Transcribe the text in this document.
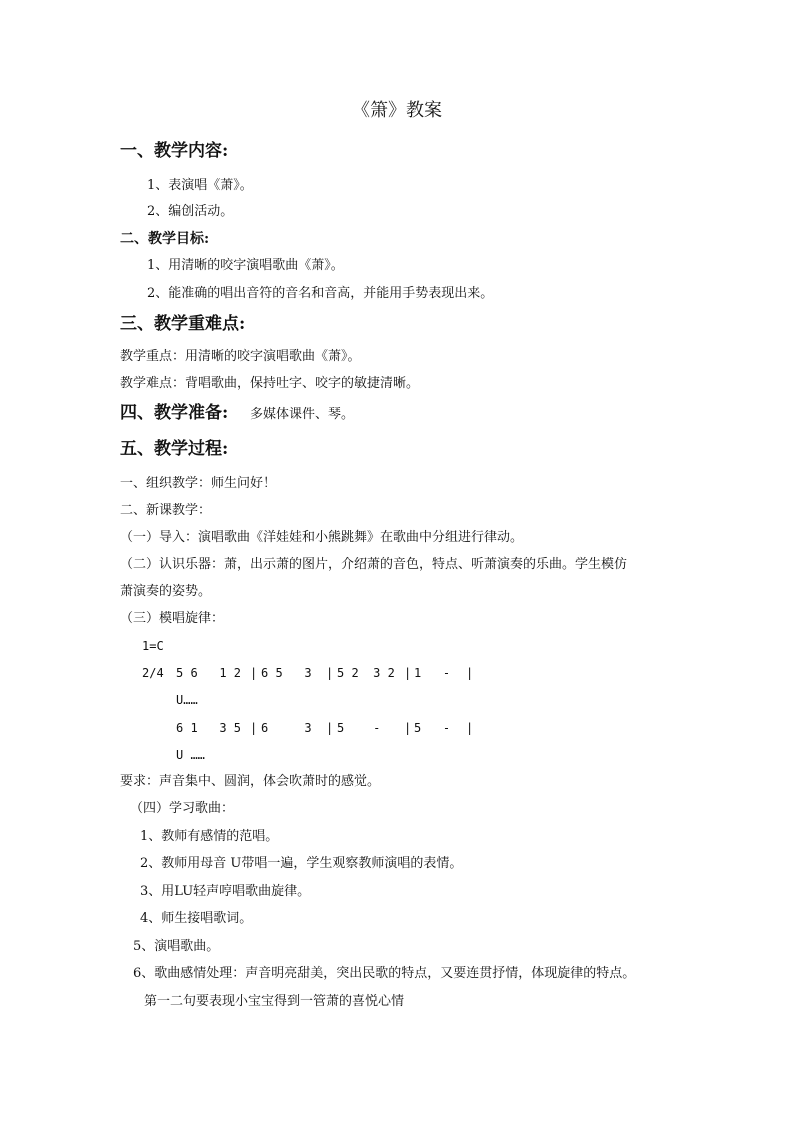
《箫》教案
一、教学内容:
1、表演唱《萧》。
2、编创活动。
二、教学目标:
1、用清晰的咬字演唱歌曲《萧》。
2、能准确的唱出音符的音名和音高，并能用手势表现出来。
三、教学重难点:
教学重点：用清晰的咬字演唱歌曲《萧》。
教学难点：背唱歌曲，保持吐字、咬字的敏捷清晰。
四、教学准备: 多媒体课件、琴。
五、教学过程:
一、组织教学：师生问好！
二、新课教学：
（一）导入：演唱歌曲《洋娃娃和小熊跳舞》在歌曲中分组进行律动。
（二）认识乐器：萧，出示萧的图片，介绍萧的音色，特点、听萧演奏的乐曲。学生模仿
萧演奏的姿势。
（三）模唱旋律：
1=C
2/4 5 6   1 2 | 6 5   3 | 5 2  3 2 | 1   - |
U……
6 1   3 5 | 6     3 | 5    - | 5   - |
U ……
要求：声音集中、圆润，体会吹萧时的感觉。
（四）学习歌曲：
1、教师有感情的范唱。
2、教师用母音 U带唱一遍，学生观察教师演唱的表情。
3、用LU轻声哼唱歌曲旋律。
4、师生接唱歌词。
5、演唱歌曲。
6、歌曲感情处理：声音明亮甜美，突出民歌的特点，又要连贯抒情，体现旋律的特点。
第一二句要表现小宝宝得到一管萧的喜悦心情
